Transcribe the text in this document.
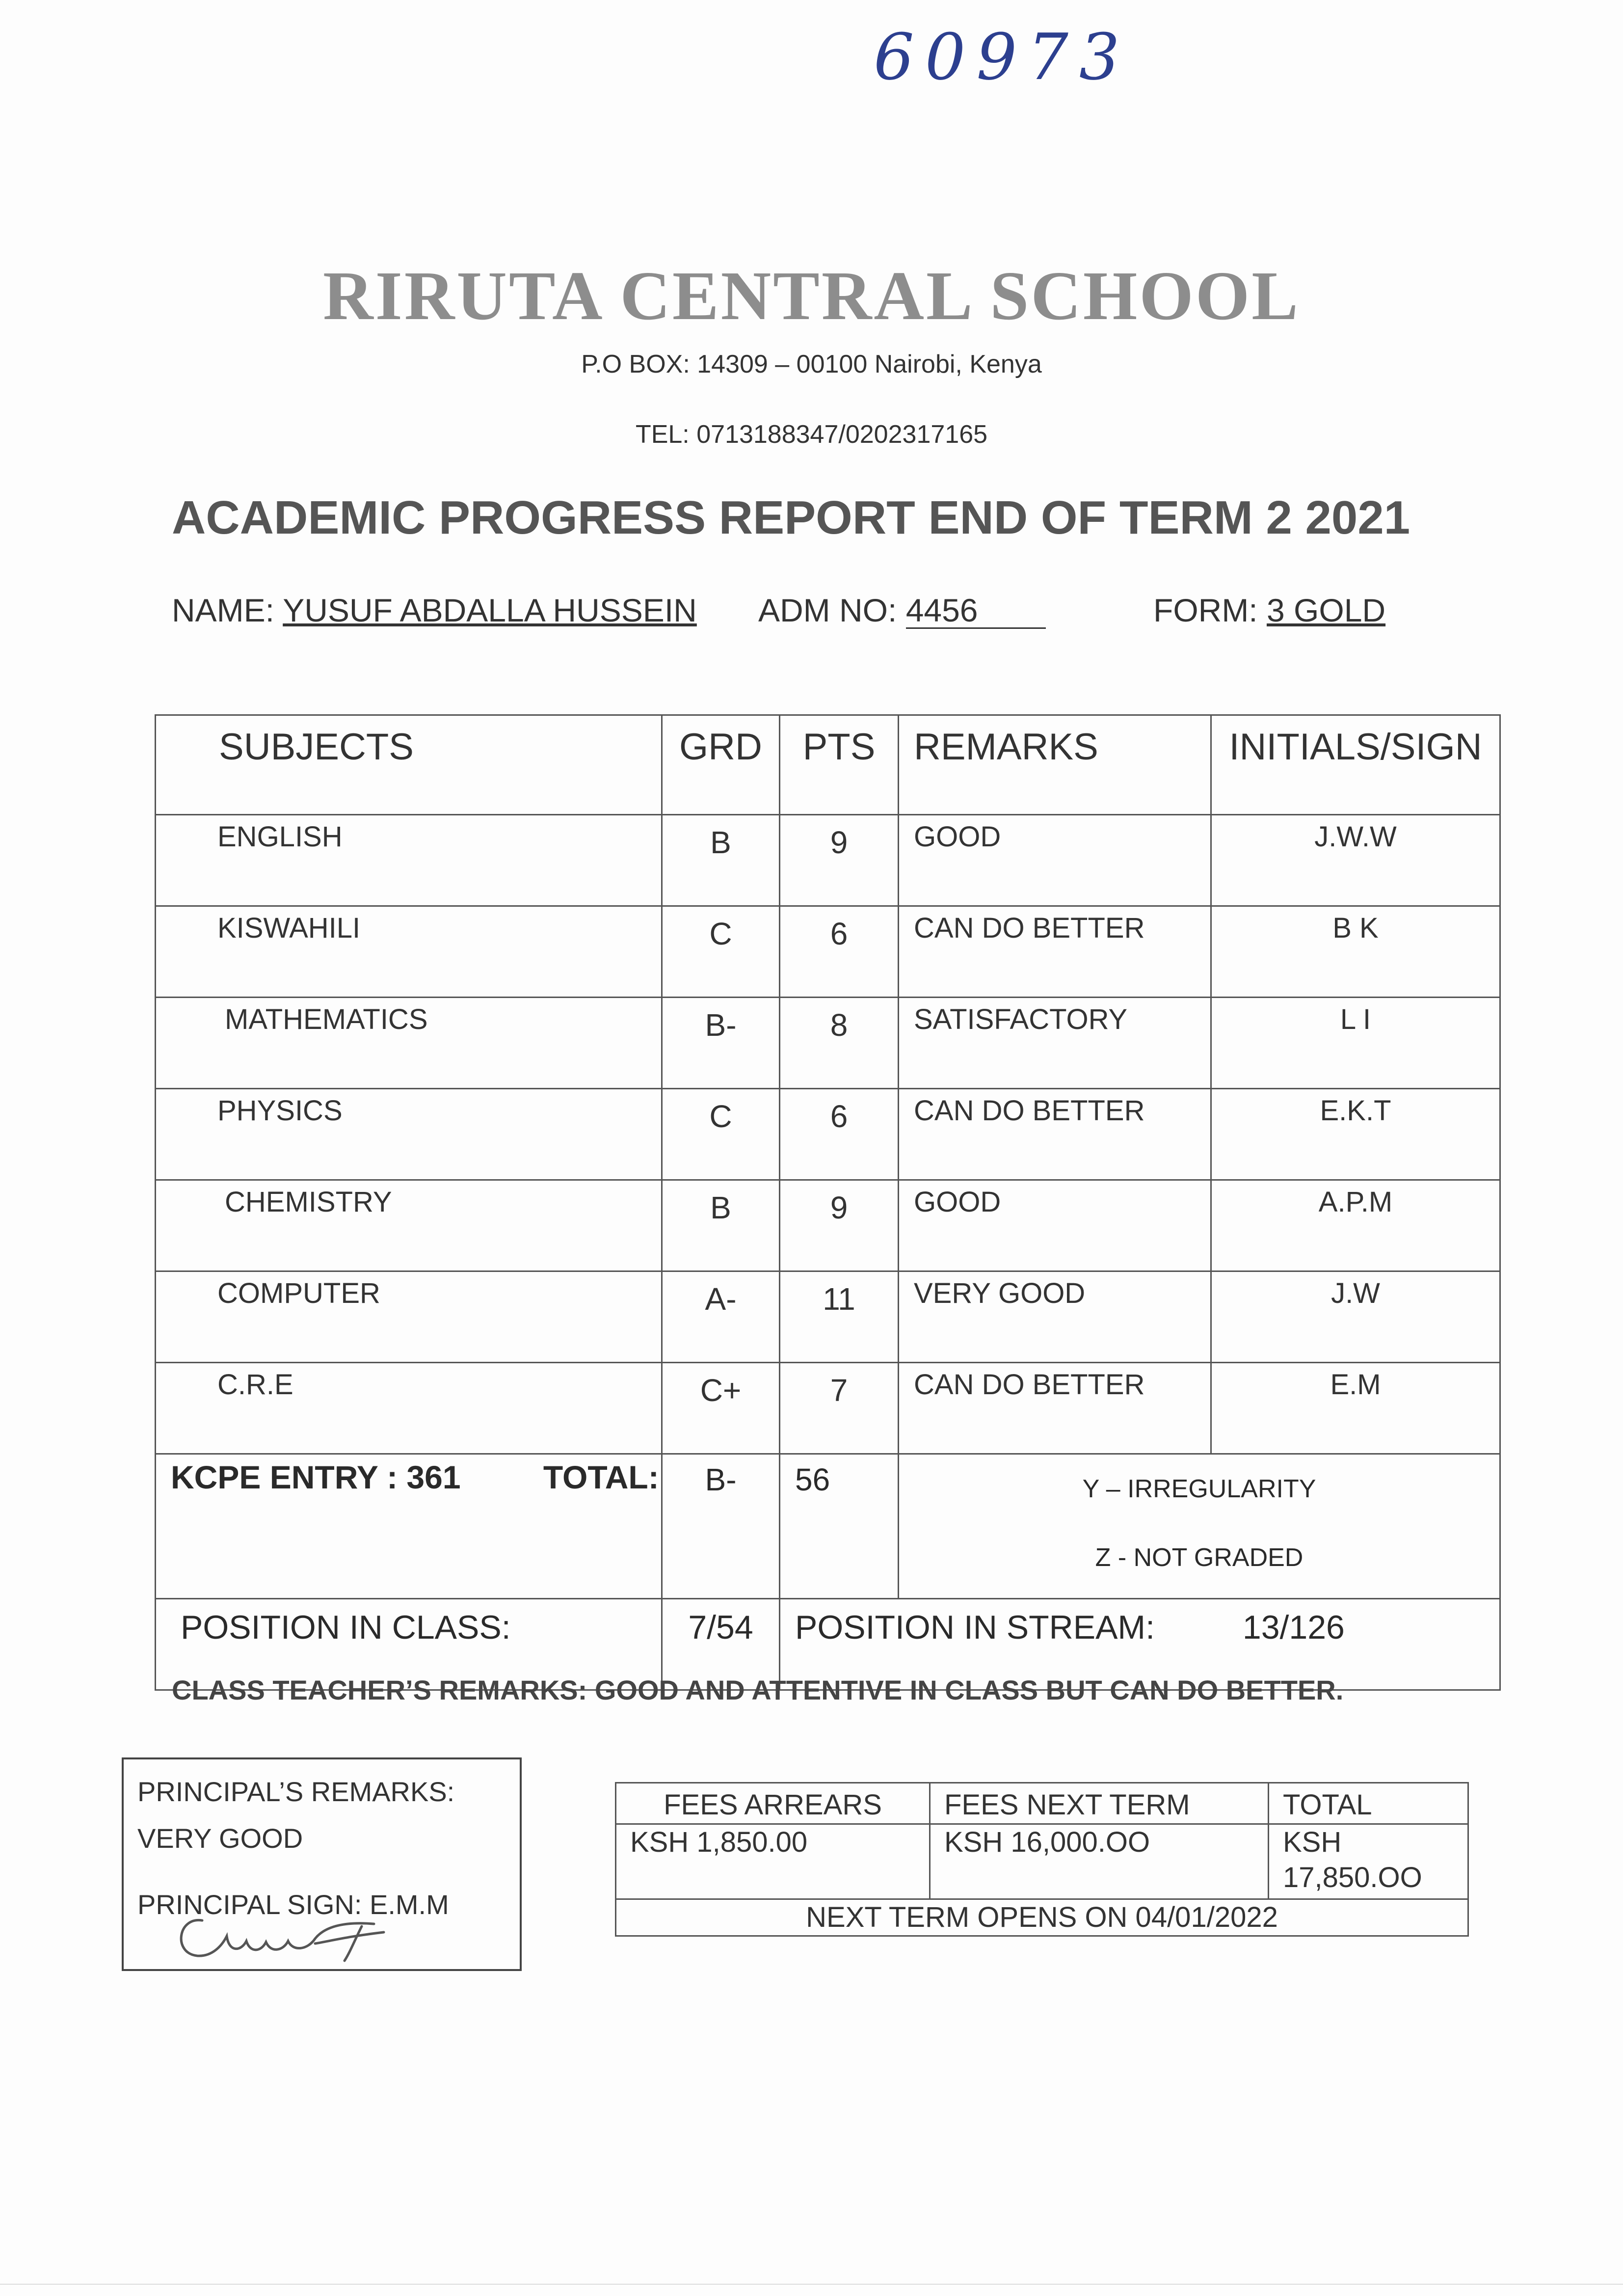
60973
RIRUTA CENTRAL SCHOOL
P.O BOX: 14309 – 00100 Nairobi, Kenya
TEL: 0713188347/0202317165
ACADEMIC PROGRESS REPORT END OF TERM 2 2021
NAME: YUSUF ABDALLA HUSSEIN ADM NO: 4456	FORM: 3 GOLD
SUBJECTS	GRD	PTS	REMARKS	INITIALS/SIGN
ENGLISH	B	9	GOOD	J.W.W
KISWAHILI	C	6	CAN DO BETTER	B K
MATHEMATICS	B-	8	SATISFACTORY	L I
PHYSICS	C	6	CAN DO BETTER	E.K.T
CHEMISTRY	B	9	GOOD	A.P.M
COMPUTER	A-	11	VERY GOOD	J.W
C.R.E	C+	7	CAN DO BETTER	E.M
KCPE ENTRY : 361 TOTAL:	B-	56	Y – IRREGULARITY
Z - NOT GRADED	

POSITION IN CLASS:	7/54	POSITION IN STREAM: 13/126		
CLASS TEACHER’S REMARKS: GOOD AND ATTENTIVE IN CLASS BUT CAN DO BETTER.
PRINCIPAL’S REMARKS:
VERY GOOD
PRINCIPAL SIGN: E.M.M
FEES ARREARS	FEES NEXT TERM	TOTAL
KSH 1,850.00	KSH 16,000.OO	KSH
17,850.OO

NEXT TERM OPENS ON 04/01/2022		
